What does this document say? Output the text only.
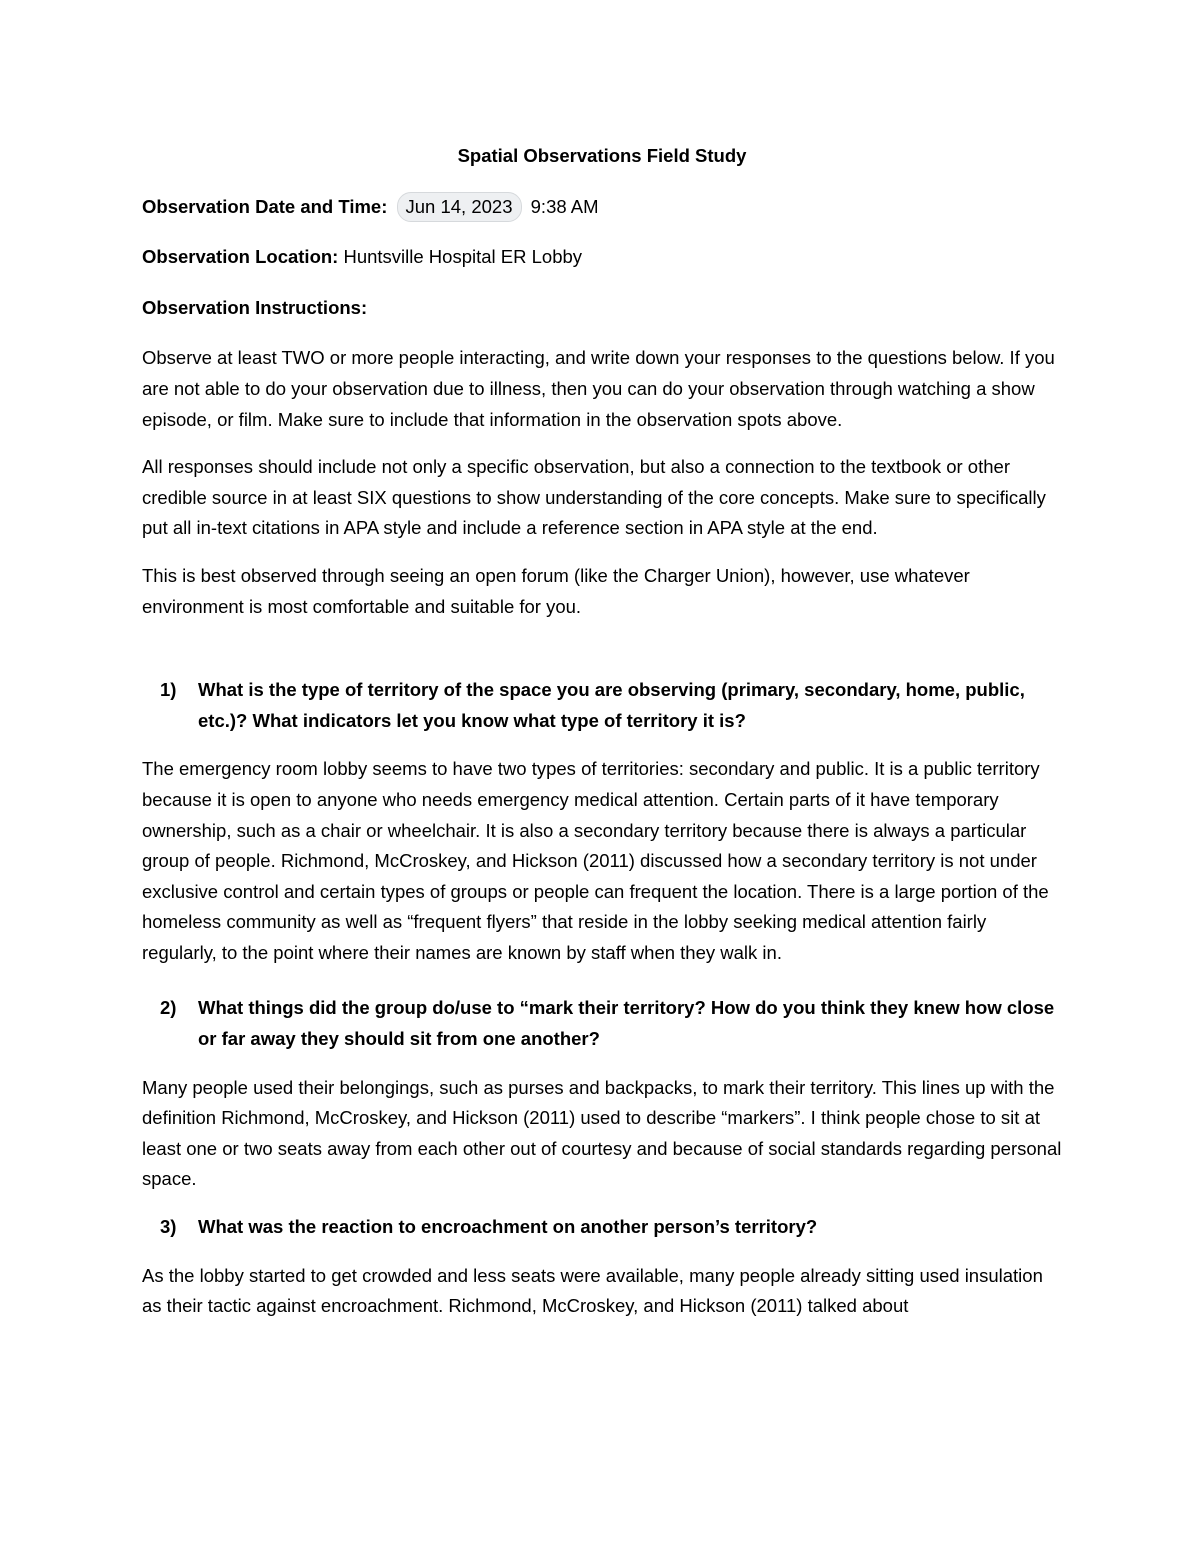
Spatial Observations Field Study
Observation Date and Time: Jun 14, 2023 9:38 AM
Observation Location: Huntsville Hospital ER Lobby
Observation Instructions:

Observe at least TWO or more people interacting, and write down your responses to the questions below. If you are not able to do your observation due to illness, then you can do your observation through watching a show episode, or film. Make sure to include that information in the observation spots above.

All responses should include not only a specific observation, but also a connection to the textbook or other credible source in at least SIX questions to show understanding of the core concepts. Make sure to specifically put all in-text citations in APA style and include a reference section in APA style at the end.

This is best observed through seeing an open forum (like the Charger Union), however, use whatever environment is most comfortable and suitable for you.

1)	What is the type of territory of the space you are observing (primary, secondary, home, public, etc.)? What indicators let you know what type of territory it is?

The emergency room lobby seems to have two types of territories: secondary and public. It is a public territory because it is open to anyone who needs emergency medical attention. Certain parts of it have temporary ownership, such as a chair or wheelchair. It is also a secondary territory because there is always a particular group of people. Richmond, McCroskey, and Hickson (2011) discussed how a secondary territory is not under exclusive control and certain types of groups or people can frequent the location. There is a large portion of the homeless community as well as “frequent flyers” that reside in the lobby seeking medical attention fairly regularly, to the point where their names are known by staff when they walk in.

2)	What things did the group do/use to “mark their territory? How do you think they knew how close or far away they should sit from one another?

Many people used their belongings, such as purses and backpacks, to mark their territory. This lines up with the definition Richmond, McCroskey, and Hickson (2011) used to describe “markers”. I think people chose to sit at least one or two seats away from each other out of courtesy and because of social standards regarding personal space.

3)	What was the reaction to encroachment on another person’s territory?

As the lobby started to get crowded and less seats were available, many people already sitting used insulation as their tactic against encroachment. Richmond, McCroskey, and Hickson (2011) talked about
